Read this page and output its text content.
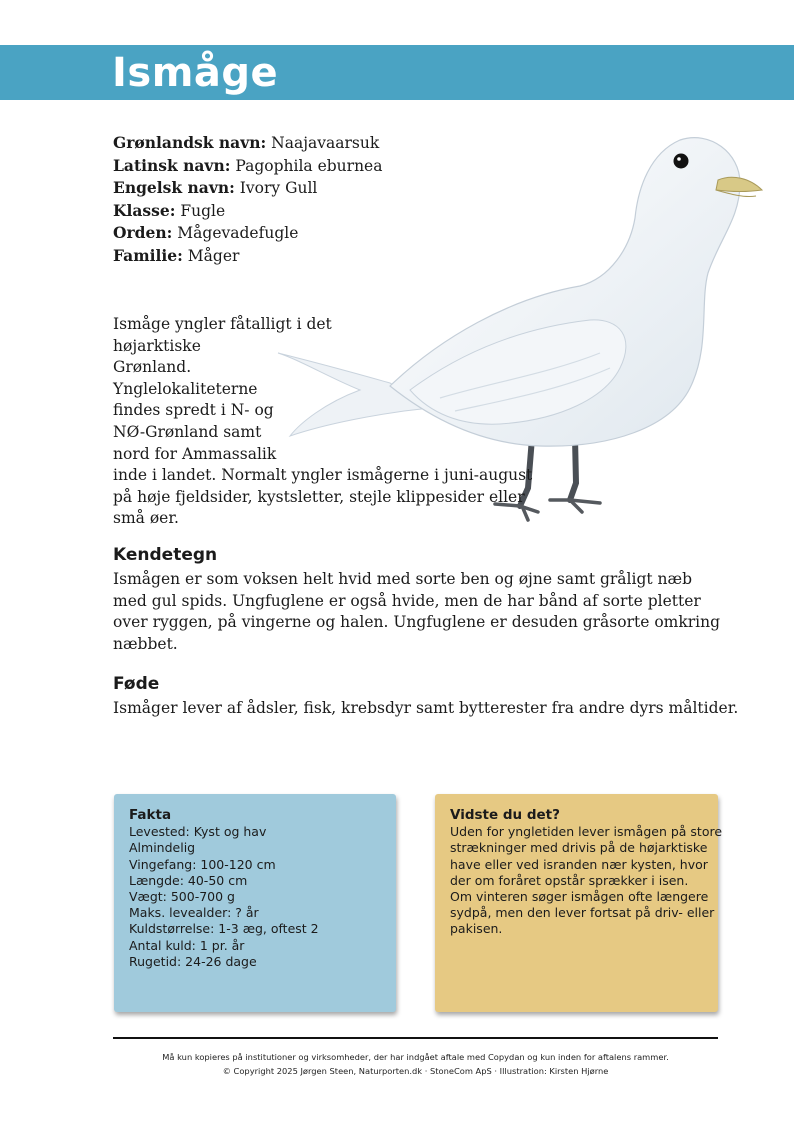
Ismåge
Grønlandsk navn: Naajavaarsuk
Latinsk navn: Pagophila eburnea
Engelsk navn: Ivory Gull
Klasse: Fugle
Orden: Mågevadefugle
Familie: Måger
Ismåge yngler fåtalligt i det
højarktiske
Grønland.
Ynglelokaliteterne
findes spredt i N- og
NØ-Grønland samt
nord for Ammassalik
inde i landet. Normalt yngler ismågerne i juni-august
på høje fjeldsider, kystsletter, stejle klippesider eller
små øer.
Kendetegn

Ismågen er som voksen helt hvid med sorte ben og øjne samt gråligt næb
med gul spids. Ungfuglene er også hvide, men de har bånd af sorte pletter
over ryggen, på vingerne og halen. Ungfuglene er desuden gråsorte omkring
næbbet.

Føde

Ismåger lever af ådsler, fisk, krebsdyr samt bytterester fra andre dyrs måltider.

Fakta
Levested: Kyst og hav
Almindelig
Vingefang: 100-120 cm
Længde: 40-50 cm
Vægt: 500-700 g
Maks. levealder: ? år
Kuldstørrelse: 1-3 æg, oftest 2
Antal kuld: 1 pr. år
Rugetid: 24-26 dage
Vidste du det?
Uden for yngletiden lever ismågen på store
strækninger med drivis på de højarktiske
have eller ved isranden nær kysten, hvor
der om foråret opstår sprækker i isen.
Om vinteren søger ismågen ofte længere
sydpå, men den lever fortsat på driv- eller
pakisen.
Må kun kopieres på institutioner og virksomheder, der har indgået aftale med Copydan og kun inden for aftalens rammer.
© Copyright 2025 Jørgen Steen, Naturporten.dk · StoneCom ApS · Illustration: Kirsten Hjørne
